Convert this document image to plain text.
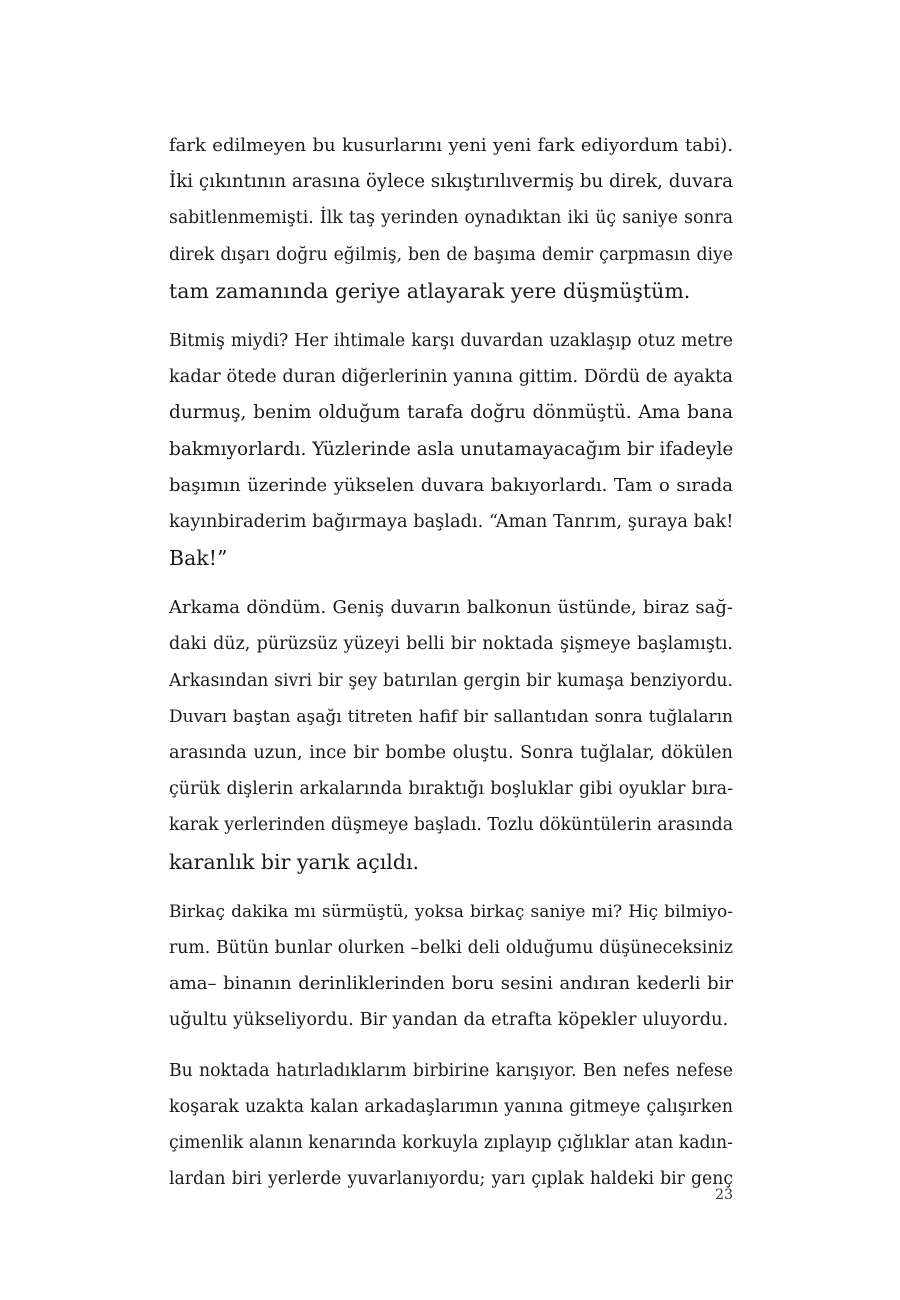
fark edilmeyen bu kusurlarını yeni yeni fark ediyordum tabi).
İki çıkıntının arasına öylece sıkıştırılıvermiş bu direk, duvara
sabitlenmemişti. İlk taş yerinden oynadıktan iki üç saniye sonra
direk dışarı doğru eğilmiş, ben de başıma demir çarpmasın diye
tam zamanında geriye atlayarak yere düşmüştüm.
Bitmiş miydi? Her ihtimale karşı duvardan uzaklaşıp otuz metre
kadar ötede duran diğerlerinin yanına gittim. Dördü de ayakta
durmuş, benim olduğum tarafa doğru dönmüştü. Ama bana
bakmıyorlardı. Yüzlerinde asla unutamayacağım bir ifadeyle
başımın üzerinde yükselen duvara bakıyorlardı. Tam o sırada
kayınbiraderim bağırmaya başladı. “Aman Tanrım, şuraya bak!
Bak!”
Arkama döndüm. Geniş duvarın balkonun üstünde, biraz sağ-
daki düz, pürüzsüz yüzeyi belli bir noktada şişmeye başlamıştı.
Arkasından sivri bir şey batırılan gergin bir kumaşa benziyordu.
Duvarı baştan aşağı titreten hafif bir sallantıdan sonra tuğlaların
arasında uzun, ince bir bombe oluştu. Sonra tuğlalar, dökülen
çürük dişlerin arkalarında bıraktığı boşluklar gibi oyuklar bıra-
karak yerlerinden düşmeye başladı. Tozlu döküntülerin arasında
karanlık bir yarık açıldı.
Birkaç dakika mı sürmüştü, yoksa birkaç saniye mi? Hiç bilmiyo-
rum. Bütün bunlar olurken –belki deli olduğumu düşüneceksiniz
ama– binanın derinliklerinden boru sesini andıran kederli bir
uğultu yükseliyordu. Bir yandan da etrafta köpekler uluyordu.
Bu noktada hatırladıklarım birbirine karışıyor. Ben nefes nefese
koşarak uzakta kalan arkadaşlarımın yanına gitmeye çalışırken
çimenlik alanın kenarında korkuyla zıplayıp çığlıklar atan kadın-
lardan biri yerlerde yuvarlanıyordu; yarı çıplak haldeki bir genç
23
